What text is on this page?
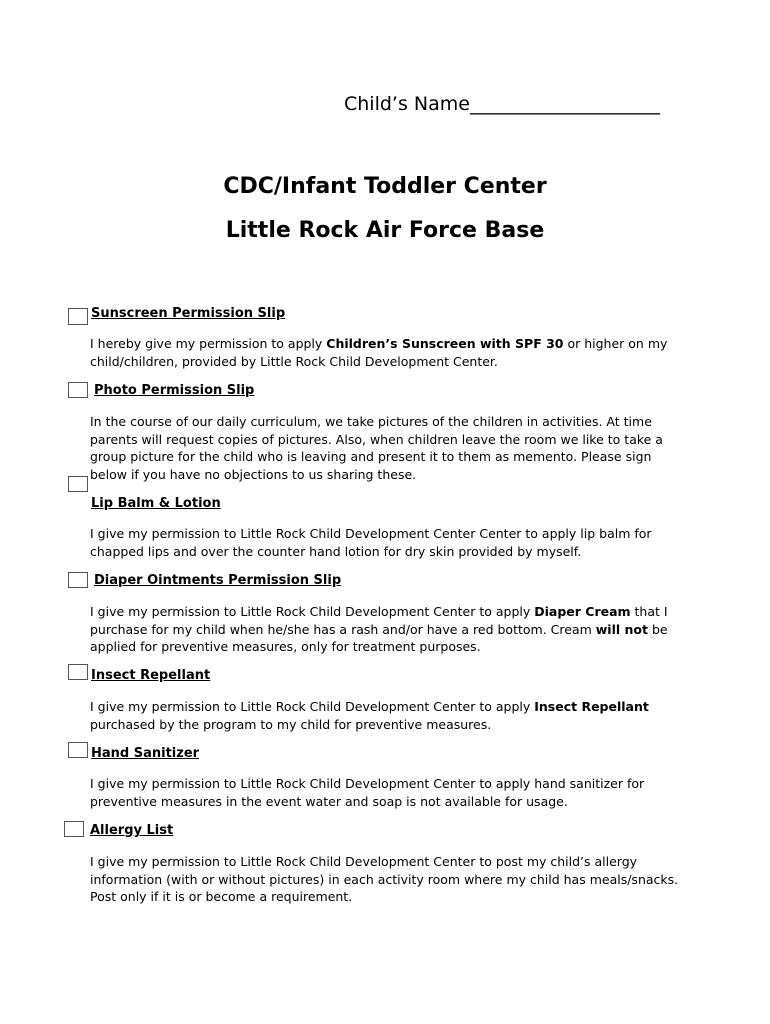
Child’s Name____________________
CDC/Infant Toddler Center
Little Rock Air Force Base
Sunscreen Permission Slip
I hereby give my permission to apply Children’s Sunscreen with SPF 30 or higher on my child/children, provided by Little Rock Child Development Center.
Photo Permission Slip
In the course of our daily curriculum, we take pictures of the children in activities. At time parents will request copies of pictures. Also, when children leave the room we like to take a group picture for the child who is leaving and present it to them as memento. Please sign below if you have no objections to us sharing these.
Lip Balm & Lotion
I give my permission to Little Rock Child Development Center Center to apply lip balm for chapped lips and over the counter hand lotion for dry skin provided by myself.
Diaper Ointments Permission Slip
I give my permission to Little Rock Child Development Center to apply Diaper Cream that I purchase for my child when he/she has a rash and/or have a red bottom. Cream will not be applied for preventive measures, only for treatment purposes.
Insect Repellant
I give my permission to Little Rock Child Development Center to apply Insect Repellant purchased by the program to my child for preventive measures.
Hand Sanitizer
I give my permission to Little Rock Child Development Center to apply hand sanitizer for preventive measures in the event water and soap is not available for usage.
Allergy List
I give my permission to Little Rock Child Development Center to post my child’s allergy information (with or without pictures) in each activity room where my child has meals/snacks. Post only if it is or become a requirement.
